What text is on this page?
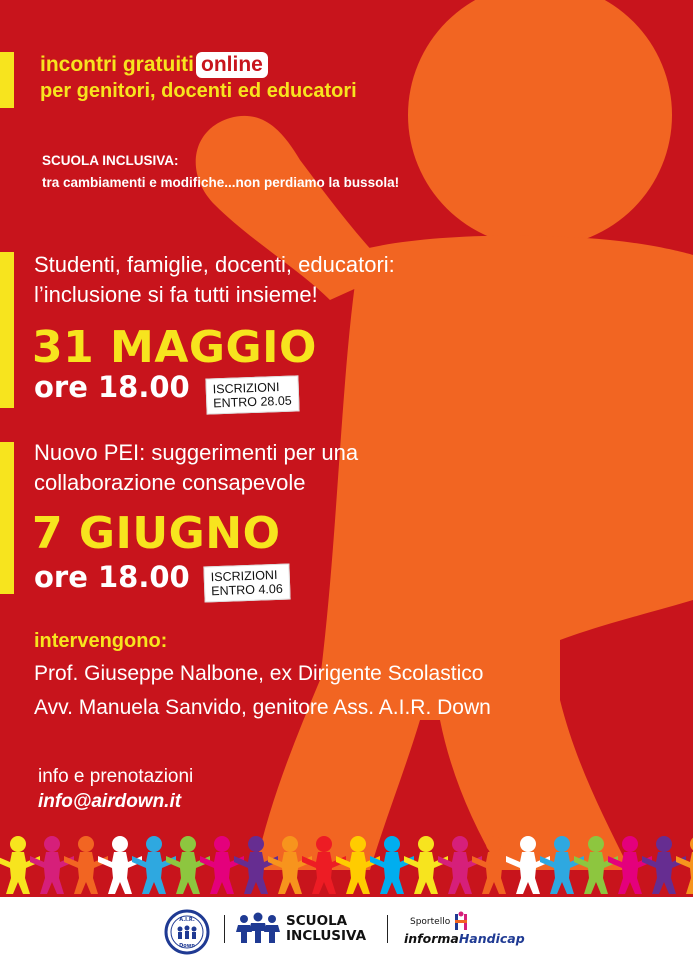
incontri gratuiti online
per genitori, docenti ed educatori
SCUOLA INCLUSIVA:
tra cambiamenti e modifiche...non perdiamo la bussola!
Studenti, famiglie, docenti, educatori:
l’inclusione si fa tutti insieme!
31 MAGGIO
ore 18.00 ISCRIZIONI
ENTRO 28.05
Nuovo PEI: suggerimenti per una
collaborazione consapevole
7 GIUGNO
ore 18.00 ISCRIZIONI
ENTRO 4.06
intervengono:
Prof. Giuseppe Nalbone, ex Dirigente Scolastico
Avv. Manuela Sanvido, genitore Ass. A.I.R. Down
info e prenotazioni
info@airdown.it
A.I.R.
Down
SCUOLA
INCLUSIVA
Sportello
informaHandicap
